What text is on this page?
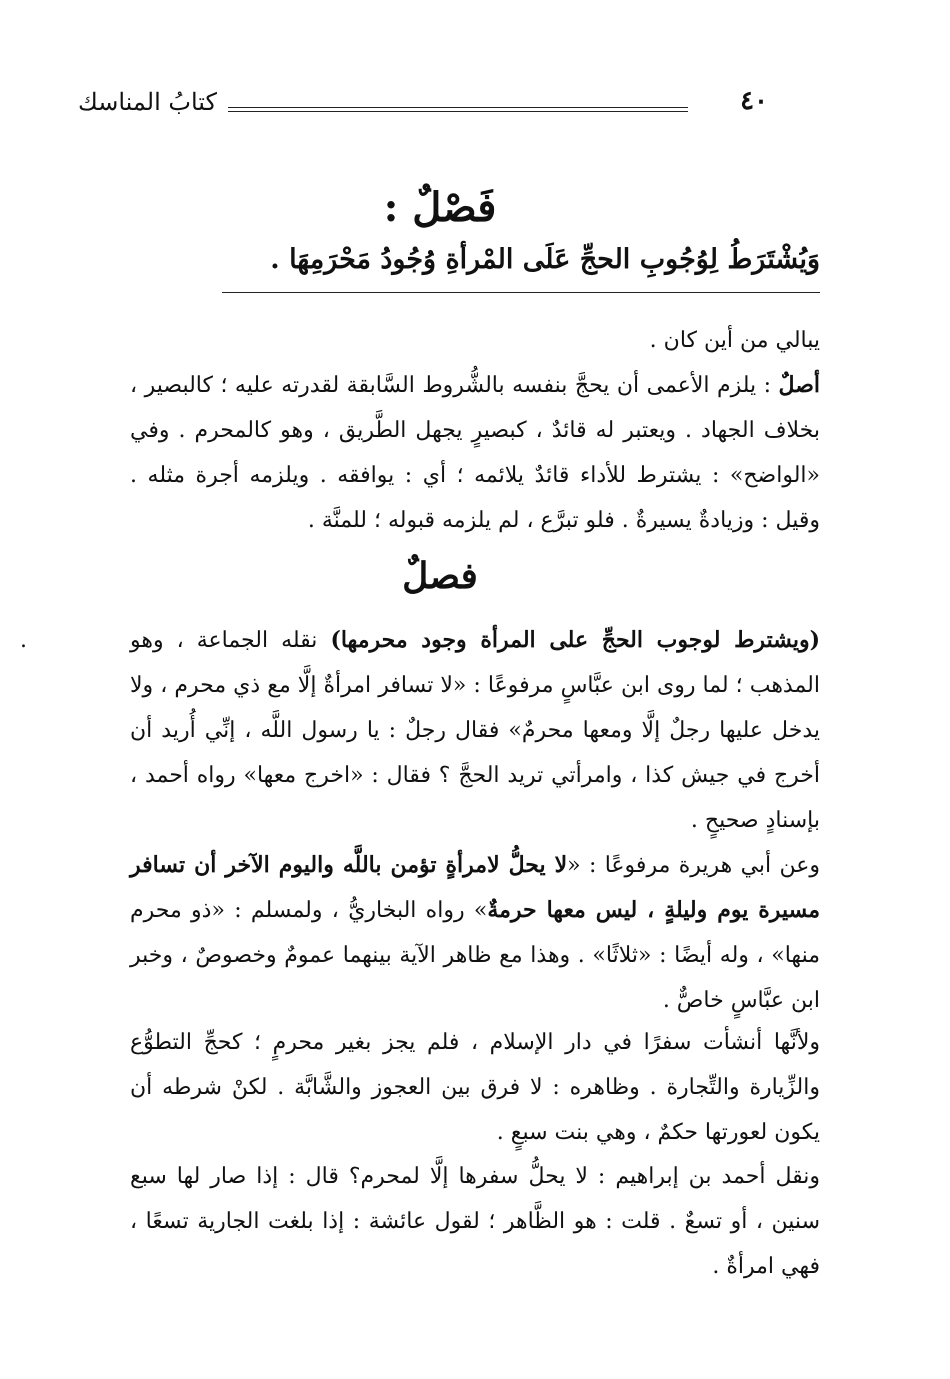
٤٠
كتابُ المناسك
فَصْلٌ :
وَيُشْتَرَطُ لِوُجُوبِ الحجِّ عَلَى المْرأةِ وُجُودُ مَحْرَمِهَا .
يبالي من أين كان .
أصلٌ : يلزم الأعمى أن يحجَّ بنفسه بالشُّروط السَّابقة لقدرته عليه ؛ كالبصير ، بخلاف الجهاد . ويعتبر له قائدٌ ، كبصيرٍ يجهل الطَّريق ، وهو كالمحرم . وفي «الواضح» : يشترط للأداء قائدٌ يلائمه ؛ أي : يوافقه . ويلزمه أجرة مثله . وقيل : وزيادةٌ يسيرةٌ . فلو تبرَّع ، لم يلزمه قبوله ؛ للمنَّة .
فصلٌ
(ويشترط لوجوب الحجِّ على المرأة وجود محرمها) نقله الجماعة ، وهو المذهب ؛ لما روى ابن عبَّاسٍ مرفوعًا : «لا تسافر امرأةٌ إلَّا مع ذي محرم ، ولا يدخل عليها رجلٌ إلَّا ومعها محرمٌ» فقال رجلٌ : يا رسول اللَّه ، إنِّي أُريد أن أخرج في جيش كذا ، وامرأتي تريد الحجَّ ؟ فقال : «اخرج معها» رواه أحمد ، بإسنادٍ صحيحٍ .
وعن أبي هريرة مرفوعًا : «لا يحلُّ لامرأةٍ تؤمن باللَّه واليوم الآخر أن تسافر مسيرة يوم وليلةٍ ، ليس معها حرمةٌ» رواه البخاريُّ ، ولمسلم : «ذو محرم منها» ، وله أيضًا : «ثلاثًا» . وهذا مع ظاهر الآية بينهما عمومٌ وخصوصٌ ، وخبر ابن عبَّاسٍ خاصٌّ .
ولأنَّها أنشأت سفرًا في دار الإسلام ، فلم يجز بغير محرمٍ ؛ كحجِّ التطوُّع والزِّيارة والتِّجارة . وظاهره : لا فرق بين العجوز والشَّابَّة . لكنْ شرطه أن يكون لعورتها حكمٌ ، وهي بنت سبعٍ .
ونقل أحمد بن إبراهيم : لا يحلُّ سفرها إلَّا لمحرم؟ قال : إذا صار لها سبع سنين ، أو تسعٌ . قلت : هو الظَّاهر ؛ لقول عائشة : إذا بلغت الجارية تسعًا ، فهي امرأةٌ .
.
